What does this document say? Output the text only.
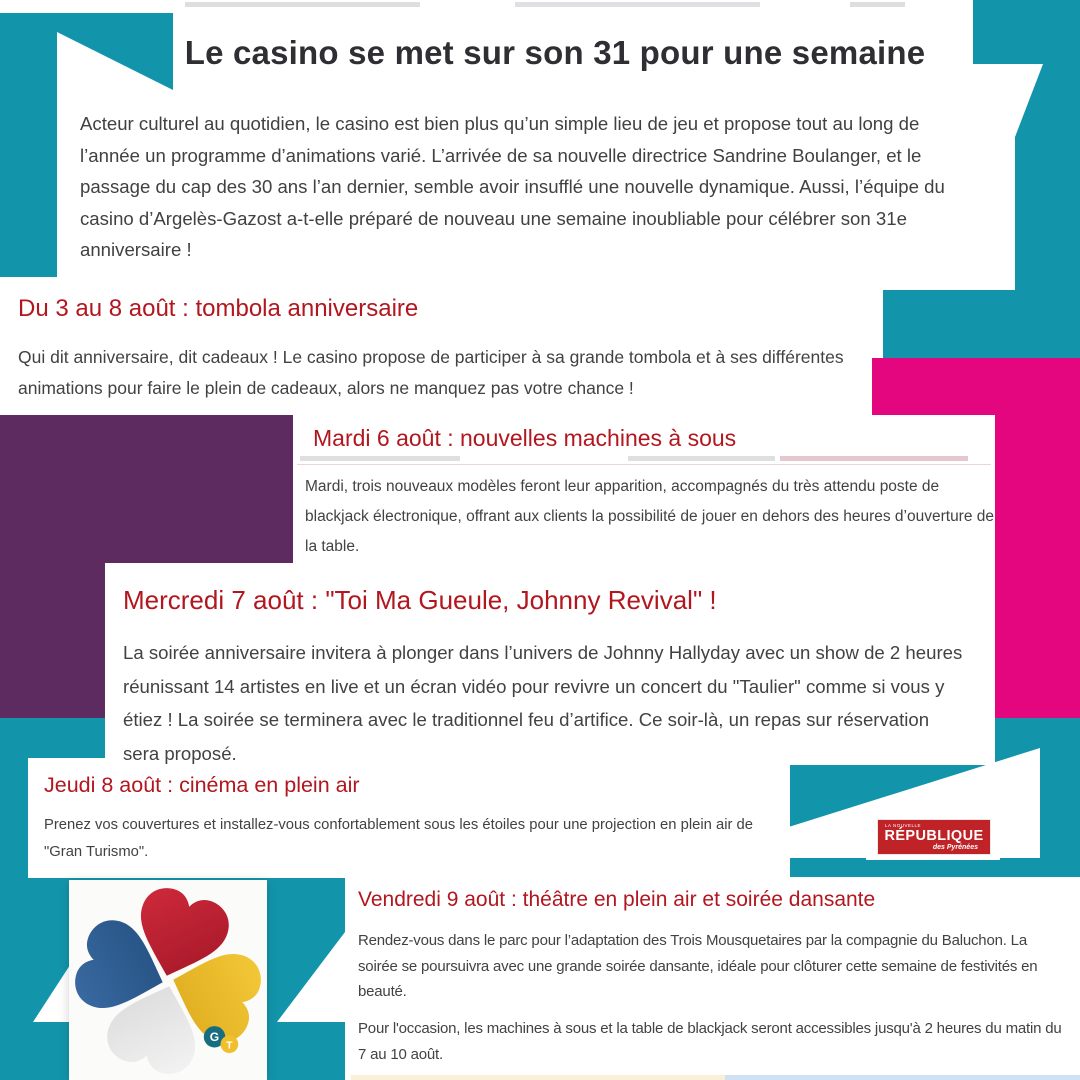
Le casino se met sur son 31 pour une semaine
Acteur culturel au quotidien, le casino est bien plus qu’un simple lieu de jeu et propose tout au long de l’année un programme d’animations varié. L’arrivée de sa nouvelle directrice Sandrine Boulanger, et le passage du cap des 30 ans l’an dernier, semble avoir insufflé une nouvelle dynamique. Aussi, l’équipe du casino d’Argelès-Gazost a-t-elle préparé de nouveau une semaine inoubliable pour célébrer son 31e anniversaire !
Du 3 au 8 août : tombola anniversaire
Qui dit anniversaire, dit cadeaux ! Le casino propose de participer à sa grande tombola et à ses différentes animations pour faire le plein de cadeaux, alors ne manquez pas votre chance !
Mardi 6 août : nouvelles machines à sous
Mardi, trois nouveaux modèles feront leur apparition, accompagnés du très attendu poste de blackjack électronique, offrant aux clients la possibilité de jouer en dehors des heures d’ouverture de la table.
Mercredi 7 août : "Toi Ma Gueule, Johnny Revival" !
La soirée anniversaire invitera à plonger dans l’univers de Johnny Hallyday avec un show de 2 heures réunissant 14 artistes en live et un écran vidéo pour revivre un concert du "Taulier" comme si vous y étiez ! La soirée se terminera avec le traditionnel feu d’artifice. Ce soir-là, un repas sur réservation sera proposé.
Jeudi 8 août : cinéma en plein air
Prenez vos couvertures et installez-vous confortablement sous les étoiles pour une projection en plein air de "Gran Turismo".
LA NOUVELLE
RÉPUBLIQUE
des Pyrénées
Vendredi 9 août : théâtre en plein air et soirée dansante
Rendez-vous dans le parc pour l’adaptation des Trois Mousquetaires par la compagnie du Baluchon. La soirée se poursuivra avec une grande soirée dansante, idéale pour clôturer cette semaine de festivités en beauté.
Pour l'occasion, les machines à sous et la table de blackjack seront accessibles jusqu'à 2 heures du matin du 7 au 10 août.
G
T
